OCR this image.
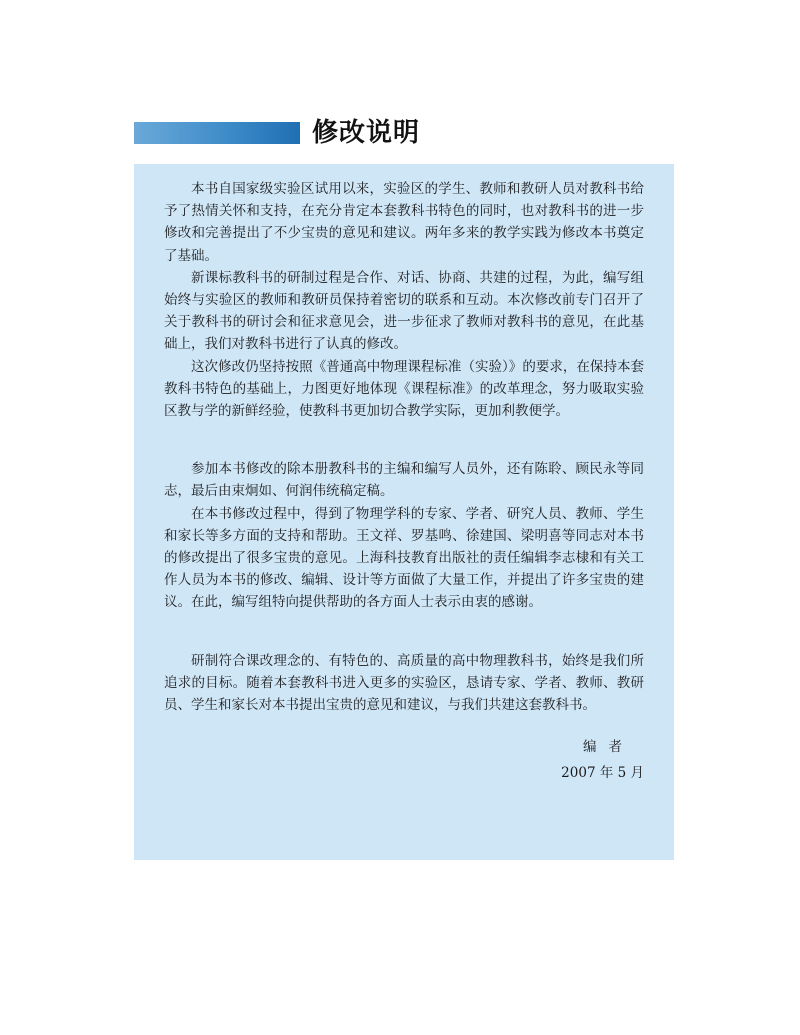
修改说明

本书自国家级实验区试用以来，实验区的学生、教师和教研人员对教科书给予了热情关怀和支持，在充分肯定本套教科书特色的同时，也对教科书的进一步修改和完善提出了不少宝贵的意见和建议。两年多来的教学实践为修改本书奠定了基础。

新课标教科书的研制过程是合作、对话、协商、共建的过程，为此，编写组始终与实验区的教师和教研员保持着密切的联系和互动。本次修改前专门召开了关于教科书的研讨会和征求意见会，进一步征求了教师对教科书的意见，在此基础上，我们对教科书进行了认真的修改。

这次修改仍坚持按照《普通高中物理课程标准（实验）》的要求，在保持本套教科书特色的基础上，力图更好地体现《课程标准》的改革理念，努力吸取实验区教与学的新鲜经验，使教科书更加切合教学实际，更加利教便学。

参加本书修改的除本册教科书的主编和编写人员外，还有陈聆、顾民永等同志，最后由束炯如、何润伟统稿定稿。

在本书修改过程中，得到了物理学科的专家、学者、研究人员、教师、学生和家长等多方面的支持和帮助。王文祥、罗基鸣、徐建国、梁明喜等同志对本书的修改提出了很多宝贵的意见。上海科技教育出版社的责任编辑李志棣和有关工作人员为本书的修改、编辑、设计等方面做了大量工作，并提出了许多宝贵的建议。在此，编写组特向提供帮助的各方面人士表示由衷的感谢。

研制符合课改理念的、有特色的、高质量的高中物理教科书，始终是我们所追求的目标。随着本套教科书进入更多的实验区，恳请专家、学者、教师、教研员、学生和家长对本书提出宝贵的意见和建议，与我们共建这套教科书。

编者
2007 年 5 月
